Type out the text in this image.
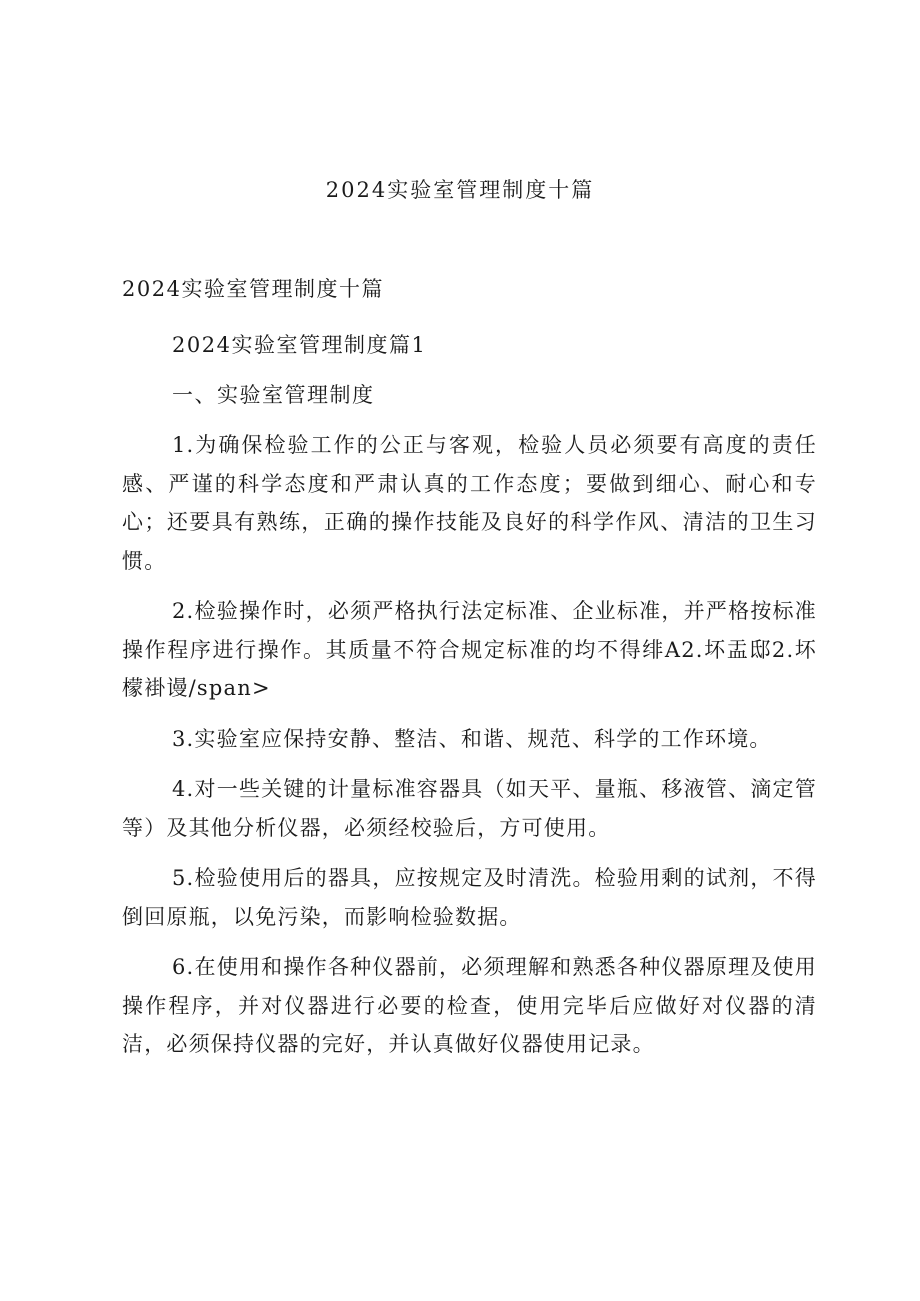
2024实验室管理制度十篇

2024实验室管理制度十篇

2024实验室管理制度篇1

一、实验室管理制度

1.为确保检验工作的公正与客观，检验人员必须要有高度的责任感、严谨的科学态度和严肃认真的工作态度；要做到细心、耐心和专心；还要具有熟练，正确的操作技能及良好的科学作风、清洁的卫生习惯。

2.检验操作时，必须严格执行法定标准、企业标准，并严格按标准操作程序进行操作。其质量不符合规定标准的均不得绯A2.坏盂邸2.坏檬褂谩/span>

3.实验室应保持安静、整洁、和谐、规范、科学的工作环境。

4.对一些关键的计量标准容器具（如天平、量瓶、移液管、滴定管等）及其他分析仪器，必须经校验后，方可使用。

5.检验使用后的器具，应按规定及时清洗。检验用剩的试剂，不得倒回原瓶，以免污染，而影响检验数据。

6.在使用和操作各种仪器前，必须理解和熟悉各种仪器原理及使用操作程序，并对仪器进行必要的检查，使用完毕后应做好对仪器的清洁，必须保持仪器的完好，并认真做好仪器使用记录。
